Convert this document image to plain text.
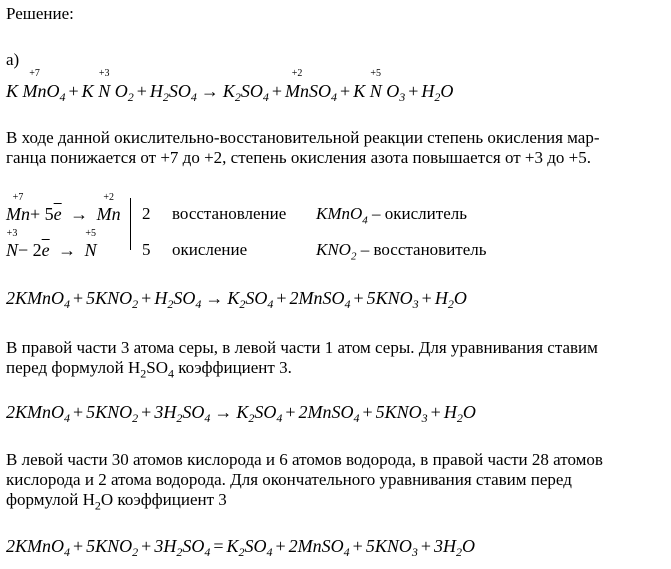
Решение:
а)
K
+7
MnO$_4$ + K
+3
N $O_2 + H_2SO_4 \to K_2SO_4$ +
+2
MnSO$_4$ + K
+5
N $O_3 + H_2O$
В ходе данной окислительно-восстановительной реакции степень окисления мар-
ганца понижается от +7 до +2, степень окисления азота повышается от +3 до +5.
+7
$Mn+ 5\overline{e}$ →
+2
Mn 2 восстановление KMnO$_4$ – окислитель
+3
$N- 2\overline{e}$ →
+5
N	5 окисление	$KNO_2$ – восстановитель
2KMnO$_4$ + $5KNO_2 + H_2SO_4 \to K_2SO_4$ + 2MnSO$_4$ + $5KNO_3 + H_2O$
В правой части 3 атома серы, в левой части 1 атом серы. Для уравнивания ставим
перед формулой $H_2SO_4$ коэффициент 3.
2KMnO$_4$ + $5KNO_2 + 3H_2SO_4 \to K_2SO_4$ + 2MnSO$_4$ + $5KNO_3 + H_2O$
В левой части 30 атомов кислорода и 6 атомов водорода, в правой части 28 атомов
кислорода и 2 атома водорода. Для окончательного уравнивания ставим перед
формулой $H_2O$ коэффициент 3
2KMnO$_4$ + $5KNO_2 + 3H_2SO_4 = K_2SO_4$ + 2MnSO$_4$ + $5KNO_3 + 3H_2O$
